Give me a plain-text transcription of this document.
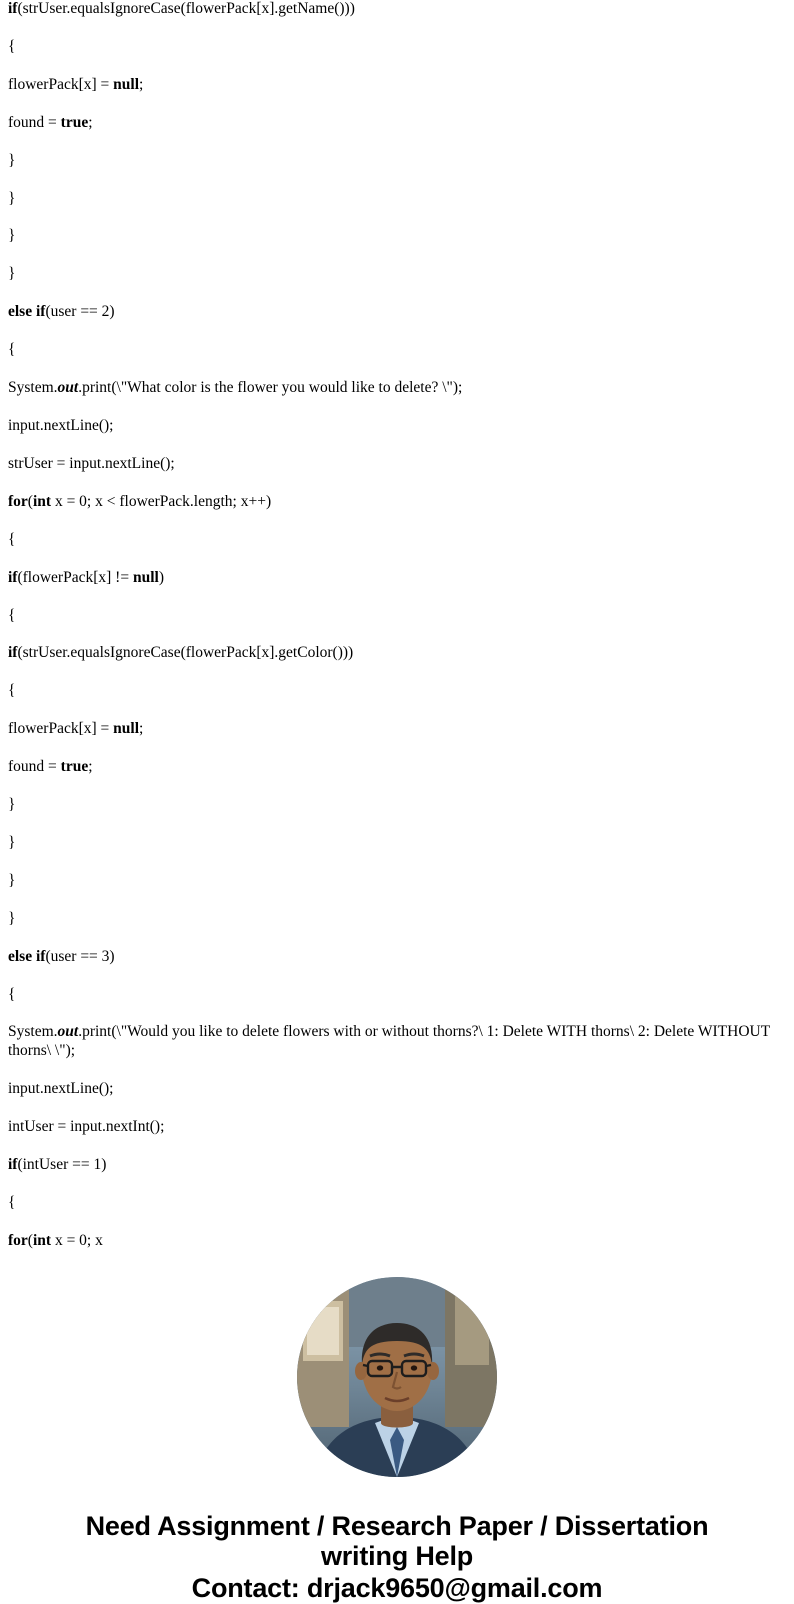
if(strUser.equalsIgnoreCase(flowerPack[x].getName()))

{

flowerPack[x] = null;

found = true;

}

}

}

}

else if(user == 2)

{

System.out.print(\"What color is the flower you would like to delete? \");

input.nextLine();

strUser = input.nextLine();

for(int x = 0; x < flowerPack.length; x++)

{

if(flowerPack[x] != null)

{

if(strUser.equalsIgnoreCase(flowerPack[x].getColor()))

{

flowerPack[x] = null;

found = true;

}

}

}

}

else if(user == 3)

{

System.out.print(\"Would you like to delete flowers with or without thorns?\ 1: Delete WITH thorns\ 2: Delete WITHOUT thorns\ \");

input.nextLine();

intUser = input.nextInt();

if(intUser == 1)

{

for(int x = 0; x

Need Assignment / Research Paper / Dissertation
writing Help
Contact: drjack9650@gmail.com
